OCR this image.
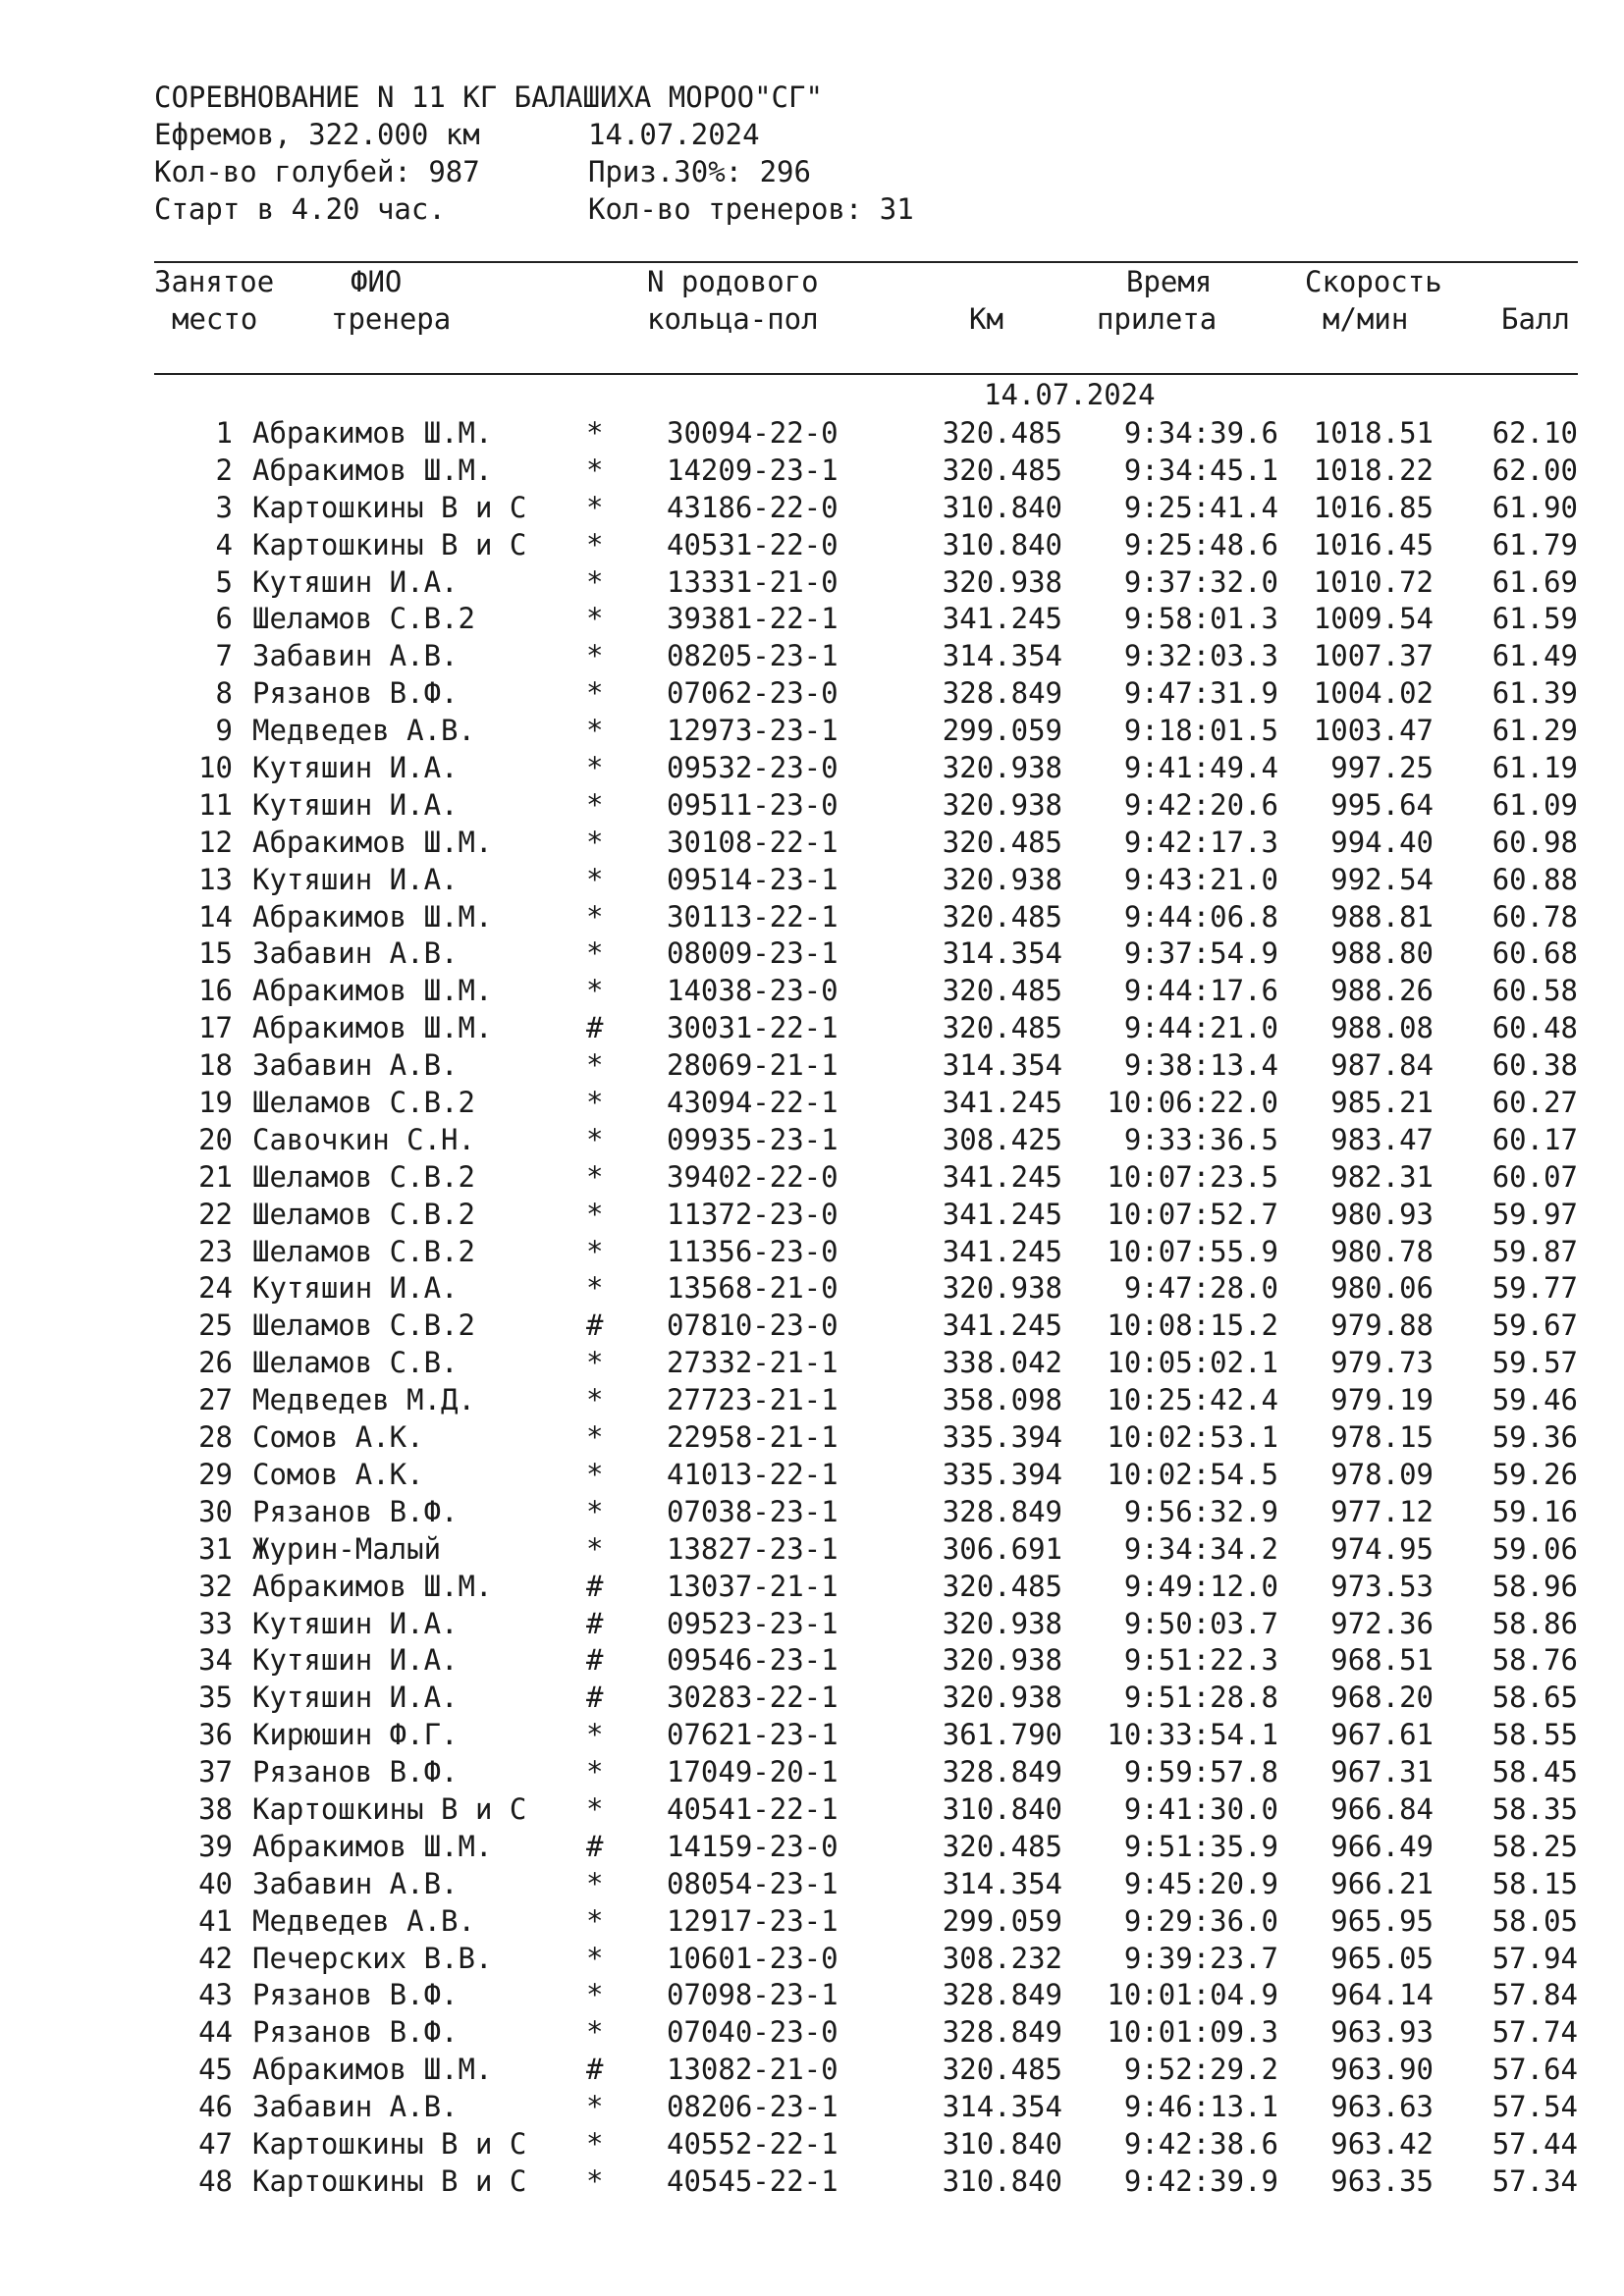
СОРЕВНОВАНИЕ N 11 КГ БАЛАШИХА МОРОО"СГ"
Ефремов, 322.000 км	14.07.2024
Кол-во голубей: 987	Приз.30%: 296
Старт в 4.20 час.	Кол-во тренеров: 31
Занятое
место
ФИО
тренера
N родового
кольца-пол	Км
Время
прилета
Скорость
м/мин	Балл
14.07.2024
1 Абракимов Ш.М.	* 30094-22-0	320.485	9:34:39.6	1018.51	62.10
2 Абракимов Ш.М.	* 14209-23-1	320.485	9:34:45.1	1018.22	62.00
3 Картошкины В и С * 43186-22-0	310.840	9:25:41.4	1016.85	61.90
4 Картошкины В и С * 40531-22-0	310.840	9:25:48.6	1016.45	61.79
5 Кутяшин И.А.	* 13331-21-0	320.938	9:37:32.0	1010.72	61.69
6 Шеламов С.В.2	* 39381-22-1	341.245	9:58:01.3	1009.54	61.59
7 Забавин А.В.	* 08205-23-1	314.354	9:32:03.3	1007.37	61.49
8 Рязанов В.Ф.	* 07062-23-0	328.849	9:47:31.9	1004.02	61.39
9 Медведев А.В.	* 12973-23-1	299.059	9:18:01.5	1003.47	61.29
10 Кутяшин И.А.	* 09532-23-0	320.938	9:41:49.4	997.25	61.19
11 Кутяшин И.А.	* 09511-23-0	320.938	9:42:20.6	995.64	61.09
12 Абракимов Ш.М.	* 30108-22-1	320.485	9:42:17.3	994.40	60.98
13 Кутяшин И.А.	* 09514-23-1	320.938	9:43:21.0	992.54	60.88
14 Абракимов Ш.М.	* 30113-22-1	320.485	9:44:06.8	988.81	60.78
15 Забавин А.В.	* 08009-23-1	314.354	9:37:54.9	988.80	60.68
16 Абракимов Ш.М.	* 14038-23-0	320.485	9:44:17.6	988.26	60.58
17 Абракимов Ш.М.	# 30031-22-1	320.485	9:44:21.0	988.08	60.48
18 Забавин А.В.	* 28069-21-1	314.354	9:38:13.4	987.84	60.38
19 Шеламов С.В.2	* 43094-22-1	341.245	10:06:22.0	985.21	60.27
20 Савочкин С.Н.	* 09935-23-1	308.425	9:33:36.5	983.47	60.17
21 Шеламов С.В.2	* 39402-22-0	341.245	10:07:23.5	982.31	60.07
22 Шеламов С.В.2	* 11372-23-0	341.245	10:07:52.7	980.93	59.97
23 Шеламов С.В.2	* 11356-23-0	341.245	10:07:55.9	980.78	59.87
24 Кутяшин И.А.	* 13568-21-0	320.938	9:47:28.0	980.06	59.77
25 Шеламов С.В.2	# 07810-23-0	341.245	10:08:15.2	979.88	59.67
26 Шеламов С.В.	* 27332-21-1	338.042	10:05:02.1	979.73	59.57
27 Медведев М.Д.	* 27723-21-1	358.098	10:25:42.4	979.19	59.46
28 Сомов А.К.	* 22958-21-1	335.394	10:02:53.1	978.15	59.36
29 Сомов А.К.	* 41013-22-1	335.394	10:02:54.5	978.09	59.26
30 Рязанов В.Ф.	* 07038-23-1	328.849	9:56:32.9	977.12	59.16
31 Журин-Малый	* 13827-23-1	306.691	9:34:34.2	974.95	59.06
32 Абракимов Ш.М.	# 13037-21-1	320.485	9:49:12.0	973.53	58.96
33 Кутяшин И.А.	# 09523-23-1	320.938	9:50:03.7	972.36	58.86
34 Кутяшин И.А.	# 09546-23-1	320.938	9:51:22.3	968.51	58.76
35 Кутяшин И.А.	# 30283-22-1	320.938	9:51:28.8	968.20	58.65
36 Кирюшин Ф.Г.	* 07621-23-1	361.790	10:33:54.1	967.61	58.55
37 Рязанов В.Ф.	* 17049-20-1	328.849	9:59:57.8	967.31	58.45
38 Картошкины В и С * 40541-22-1	310.840	9:41:30.0	966.84	58.35
39 Абракимов Ш.М.	# 14159-23-0	320.485	9:51:35.9	966.49	58.25
40 Забавин А.В.	* 08054-23-1	314.354	9:45:20.9	966.21	58.15
41 Медведев А.В.	* 12917-23-1	299.059	9:29:36.0	965.95	58.05
42 Печерских В.В.	* 10601-23-0	308.232	9:39:23.7	965.05	57.94
43 Рязанов В.Ф.	* 07098-23-1	328.849	10:01:04.9	964.14	57.84
44 Рязанов В.Ф.	* 07040-23-0	328.849	10:01:09.3	963.93	57.74
45 Абракимов Ш.М.	# 13082-21-0	320.485	9:52:29.2	963.90	57.64
46 Забавин А.В.	* 08206-23-1	314.354	9:46:13.1	963.63	57.54
47 Картошкины В и С * 40552-22-1	310.840	9:42:38.6	963.42	57.44
48 Картошкины В и С * 40545-22-1	310.840	9:42:39.9	963.35	57.34
